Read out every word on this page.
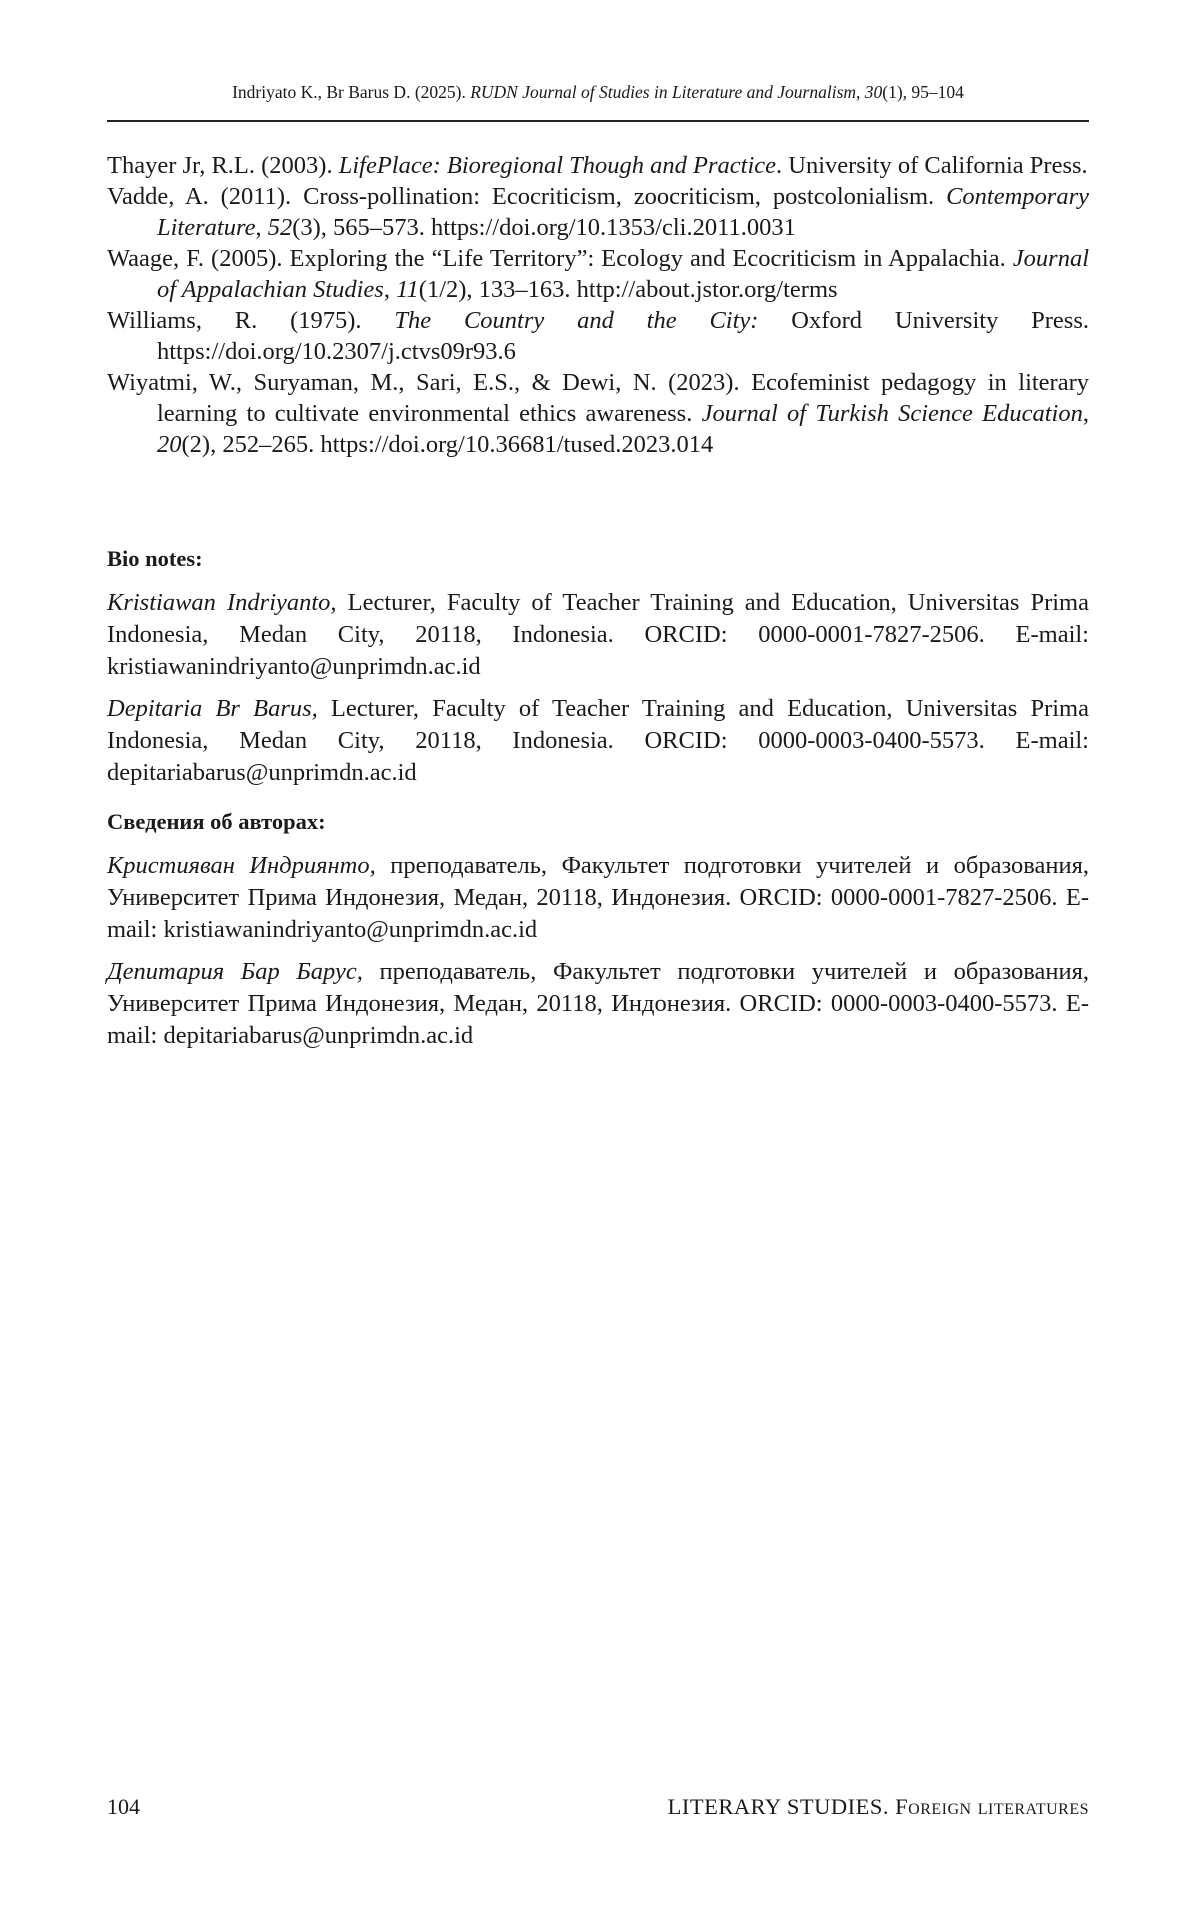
Indriyato K., Br Barus D. (2025). RUDN Journal of Studies in Literature and Journalism, 30(1), 95–104

Thayer Jr, R.L. (2003). LifePlace: Bioregional Though and Practice. University of California Press.

Vadde, A. (2011). Cross-pollination: Ecocriticism, zoocriticism, postcolonialism. Contemporary Literature, 52(3), 565–573. https://doi.org/10.1353/cli.2011.0031

Waage, F. (2005). Exploring the “Life Territory”: Ecology and Ecocriticism in Appalachia. Journal of Appalachian Studies, 11(1/2), 133–163. http://about.jstor.org/terms

Williams, R. (1975). The Country and the City: Oxford University Press. https://doi.org/10.2307/j.ctvs09r93.6

Wiyatmi, W., Suryaman, M., Sari, E.S., & Dewi, N. (2023). Ecofeminist pedagogy in literary learning to cultivate environmental ethics awareness. Journal of Turkish Science Education, 20(2), 252–265. https://doi.org/10.36681/tused.2023.014

Bio notes:

Kristiawan Indriyanto, Lecturer, Faculty of Teacher Training and Education, Universitas Prima Indonesia, Medan City, 20118, Indonesia. ORCID: 0000-0001-7827-2506. E-mail: kristiawanindriyanto@unprimdn.ac.id

Depitaria Br Barus, Lecturer, Faculty of Teacher Training and Education, Universitas Prima Indonesia, Medan City, 20118, Indonesia. ORCID: 0000-0003-0400-5573. E-mail: depitariabarus@unprimdn.ac.id

Сведения об авторах:

Кристияван Индриянто, преподаватель, Факультет подготовки учителей и образования, Университет Прима Индонезия, Медан, 20118, Индонезия. ORCID: 0000-0001-7827-2506. E-mail: kristiawanindriyanto@unprimdn.ac.id

Депитария Бар Барус, преподаватель, Факультет подготовки учителей и образования, Университет Прима Индонезия, Медан, 20118, Индонезия. ORCID: 0000-0003-0400-5573. E-mail: depitariabarus@unprimdn.ac.id

104	LITERARY STUDIES. Foreign literatures
